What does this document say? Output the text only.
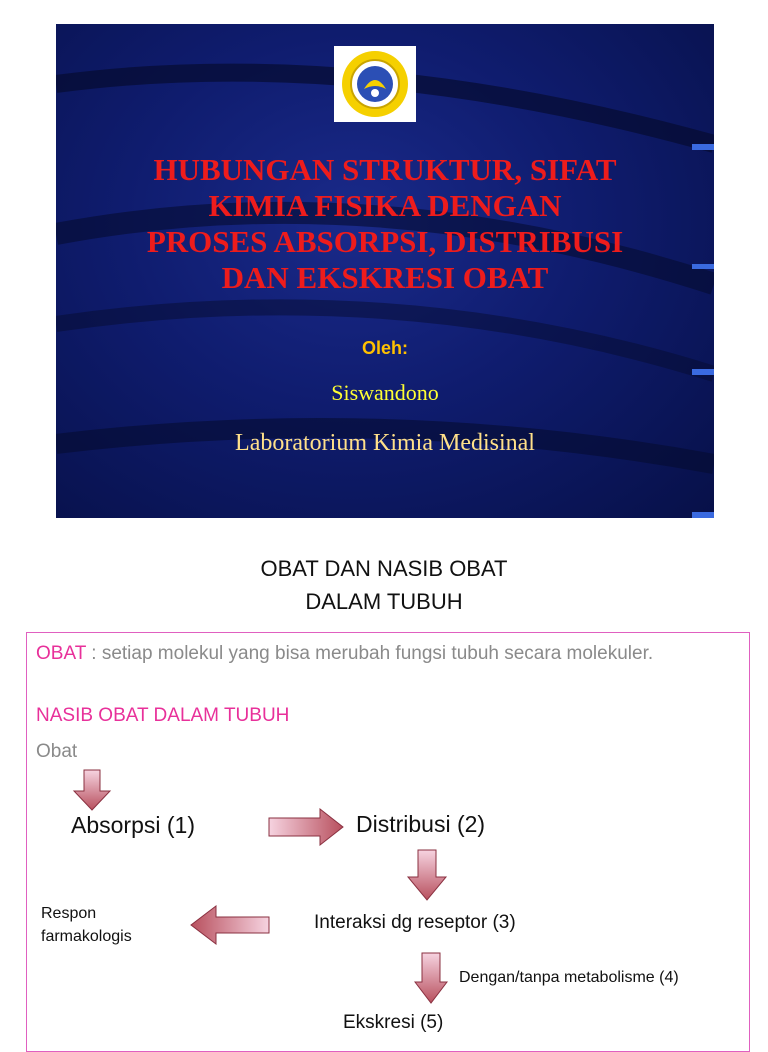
HUBUNGAN STRUKTUR, SIFAT
KIMIA FISIKA DENGAN
PROSES ABSORPSI, DISTRIBUSI
DAN EKSKRESI OBAT
Oleh:
Siswandono
Laboratorium Kimia Medisinal
OBAT DAN NASIB OBAT
DALAM TUBUH
OBAT : setiap molekul yang bisa merubah fungsi tubuh secara molekuler.
NASIB OBAT DALAM TUBUH
Obat
Absorpsi (1)	Distribusi (2)
Respon
farmakologis
Interaksi dg reseptor (3)
Dengan/tanpa metabolisme (4)
Ekskresi (5)
